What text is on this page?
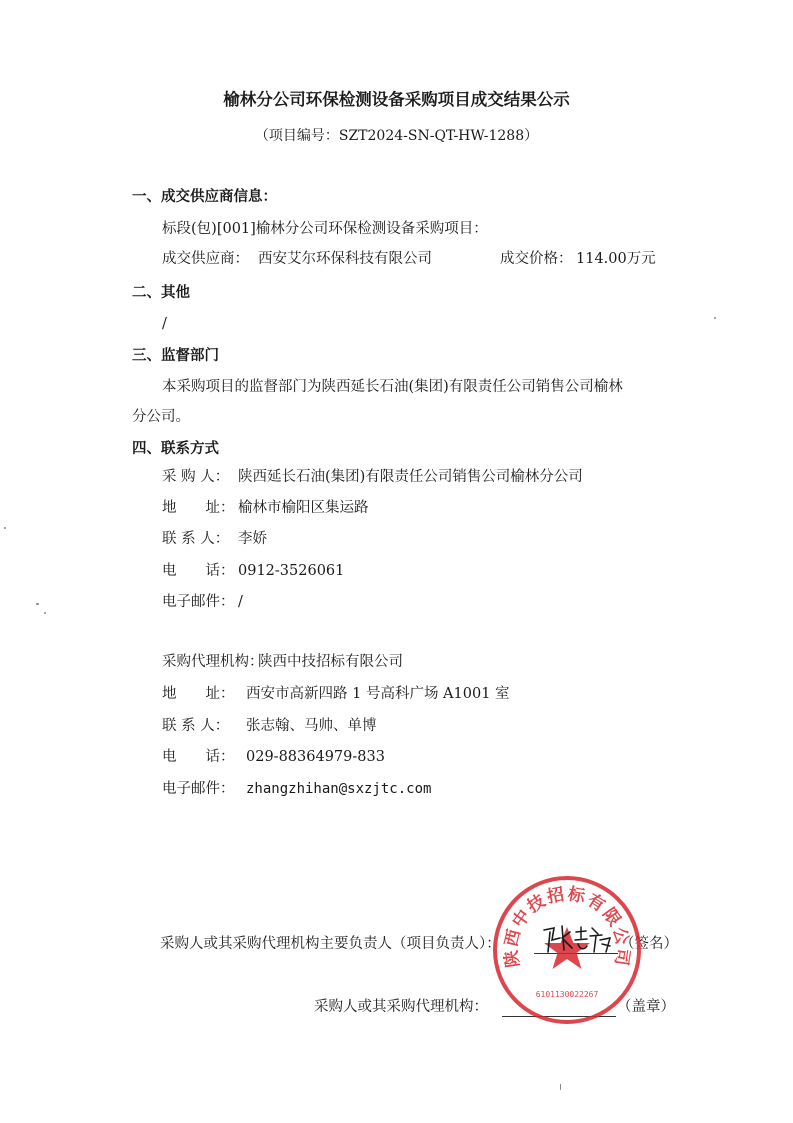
榆林分公司环保检测设备采购项目成交结果公示
（项目编号：SZT2024-SN-QT-HW-1288）
一、成交供应商信息：
标段(包)[001]榆林分公司环保检测设备采购项目：
成交供应商： 西安艾尔环保科技有限公司	成交价格： 114.00万元
二、其他
/
三、监督部门
本采购项目的监督部门为陕西延长石油(集团)有限责任公司销售公司榆林
分公司。
四、联系方式
采 购 人： 陕西延长石油(集团)有限责任公司销售公司榆林分公司
地　　址： 榆林市榆阳区集运路
联 系 人： 李娇
电　　话： 0912-3526061
电子邮件： /
采购代理机构：
陕西中技招标有限公司
地　　址： 西安市高新四路 1 号高科广场 A1001 室
联 系 人： 张志翰、马帅、单博
电　　话： 029-88364979-833
电子邮件： zhangzhihan@sxzjtc.com
采购人或其采购代理机构主要负责人（项目负责人）：	（签名）
采购人或其采购代理机构：	（盖章）
陕西中技招标有限公司
6101130022267
